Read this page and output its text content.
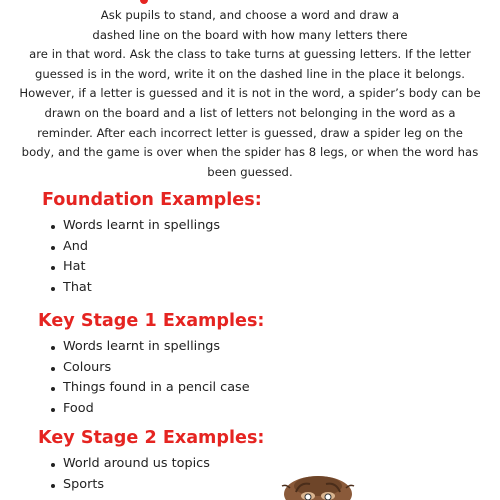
Ask pupils to stand, and choose a word and draw a
dashed line on the board with how many letters there
are in that word. Ask the class to take turns at guessing letters. If the letter
guessed is in the word, write it on the dashed line in the place it belongs.
However, if a letter is guessed and it is not in the word, a spider’s body can be
drawn on the board and a list of letters not belonging in the word as a
reminder. After each incorrect letter is guessed, draw a spider leg on the
body, and the game is over when the spider has 8 legs, or when the word has
been guessed.

Foundation Examples:
Words learnt in spellings
And
Hat
That
Key Stage 1 Examples:
Words learnt in spellings
Colours
Things found in a pencil case
Food
Key Stage 2 Examples:
World around us topics
Sports
